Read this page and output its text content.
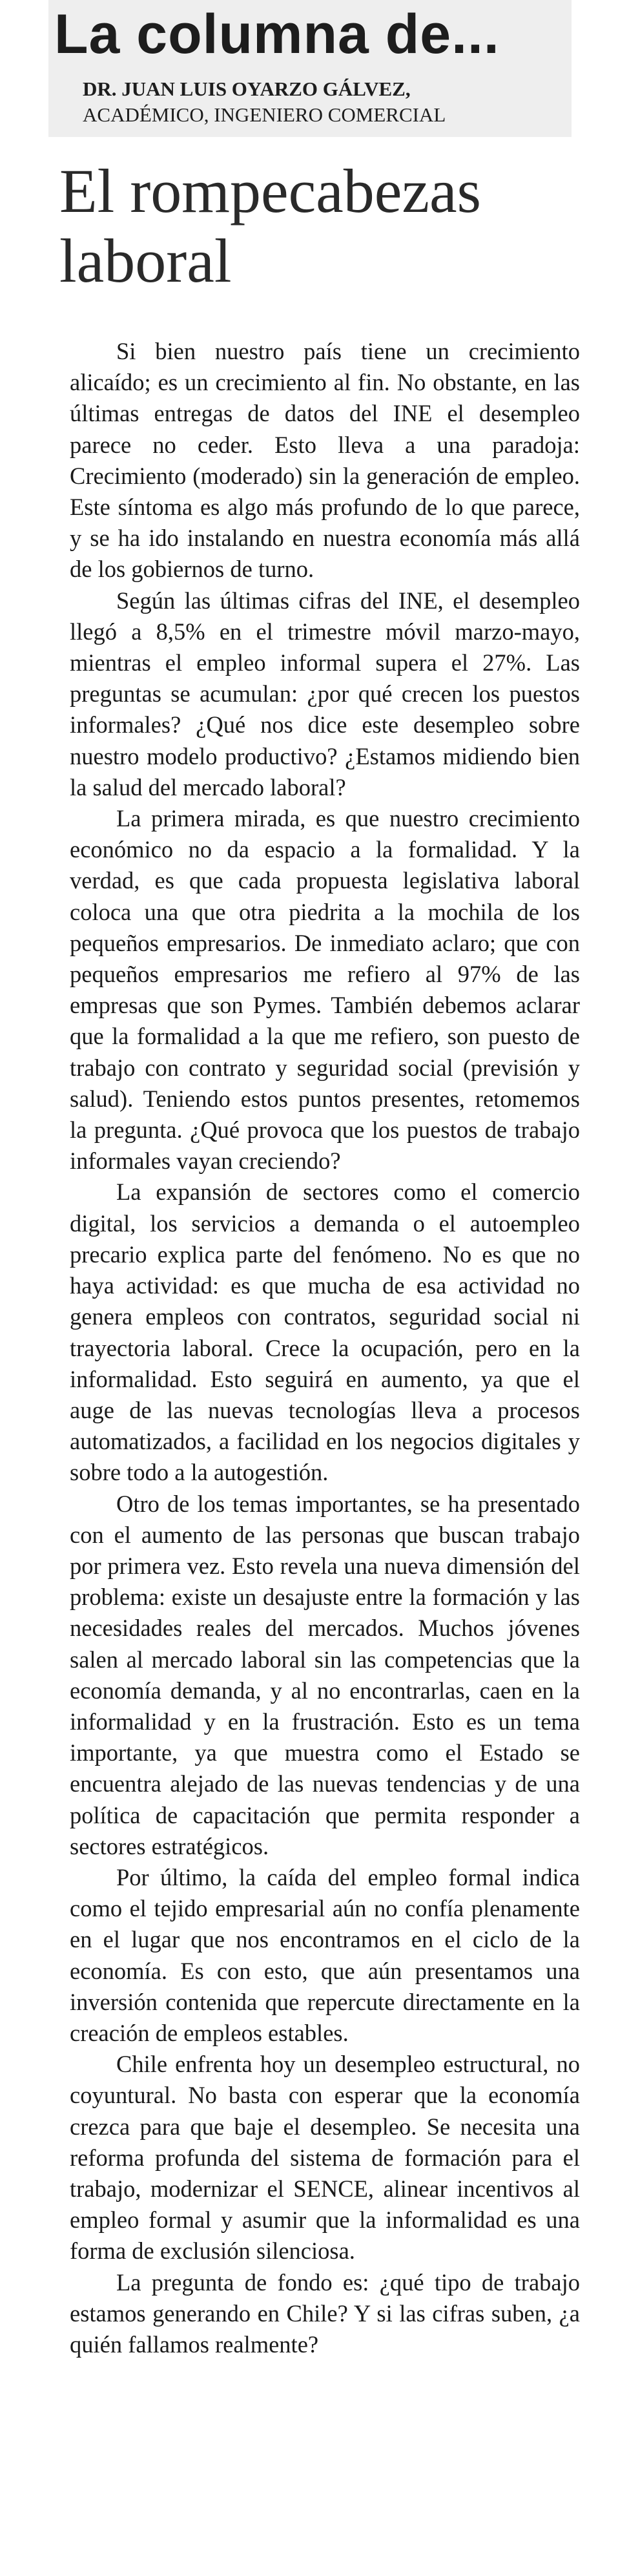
La columna de...
DR. JUAN LUIS OYARZO GÁLVEZ,
ACADÉMICO, INGENIERO COMERCIAL
El rompecabezas laboral

Si bien nuestro país tiene un crecimiento alicaído; es un crecimiento al fin. No obstante, en las últimas entregas de datos del INE el desempleo parece no ceder. Esto lleva a una paradoja: Crecimiento (moderado) sin la generación de empleo. Este síntoma es algo más profundo de lo que parece, y se ha ido instalando en nuestra economía más allá de los gobiernos de turno.

Según las últimas cifras del INE, el desempleo llegó a 8,5% en el trimestre móvil marzo-mayo, mientras el empleo informal supera el 27%. Las preguntas se acumulan: ¿por qué crecen los puestos informales? ¿Qué nos dice este desempleo sobre nuestro modelo productivo? ¿Estamos midiendo bien la salud del mercado laboral?

La primera mirada, es que nuestro crecimiento económico no da espacio a la formalidad. Y la verdad, es que cada propuesta legislativa laboral coloca una que otra piedrita a la mochila de los pequeños empresarios. De inmediato aclaro; que con pequeños empresarios me refiero al 97% de las empresas que son Pymes. También debemos aclarar que la formalidad a la que me refiero, son puesto de trabajo con contrato y seguridad social (previsión y salud). Teniendo estos puntos presentes, retomemos la pregunta. ¿Qué provoca que los puestos de trabajo informales vayan creciendo?

La expansión de sectores como el comercio digital, los servicios a demanda o el autoempleo precario explica parte del fenómeno. No es que no haya actividad: es que mucha de esa actividad no genera empleos con contratos, seguridad social ni trayectoria laboral. Crece la ocupación, pero en la informalidad. Esto seguirá en aumento, ya que el auge de las nuevas tecnologías lleva a procesos automatizados, a facilidad en los negocios digitales y sobre todo a la autogestión.

Otro de los temas importantes, se ha presentado con el aumento de las personas que buscan trabajo por primera vez. Esto revela una nueva dimensión del problema: existe un desajuste entre la formación y las necesidades reales del mercados. Muchos jóvenes salen al mercado laboral sin las competencias que la economía demanda, y al no encontrarlas, caen en la informalidad y en la frustración. Esto es un tema importante, ya que muestra como el Estado se encuentra alejado de las nuevas tendencias y de una política de capacitación que permita responder a sectores estratégicos.

Por último, la caída del empleo formal indica como el tejido empresarial aún no confía plenamente en el lugar que nos encontramos en el ciclo de la economía. Es con esto, que aún presentamos una inversión contenida que repercute directamente en la creación de empleos estables.

Chile enfrenta hoy un desempleo estructural, no coyuntural. No basta con esperar que la economía crezca para que baje el desempleo. Se necesita una reforma profunda del sistema de formación para el trabajo, modernizar el SENCE, alinear incentivos al empleo formal y asumir que la informalidad es una forma de exclusión silenciosa.

La pregunta de fondo es: ¿qué tipo de trabajo estamos generando en Chile? Y si las cifras suben, ¿a quién fallamos realmente?
